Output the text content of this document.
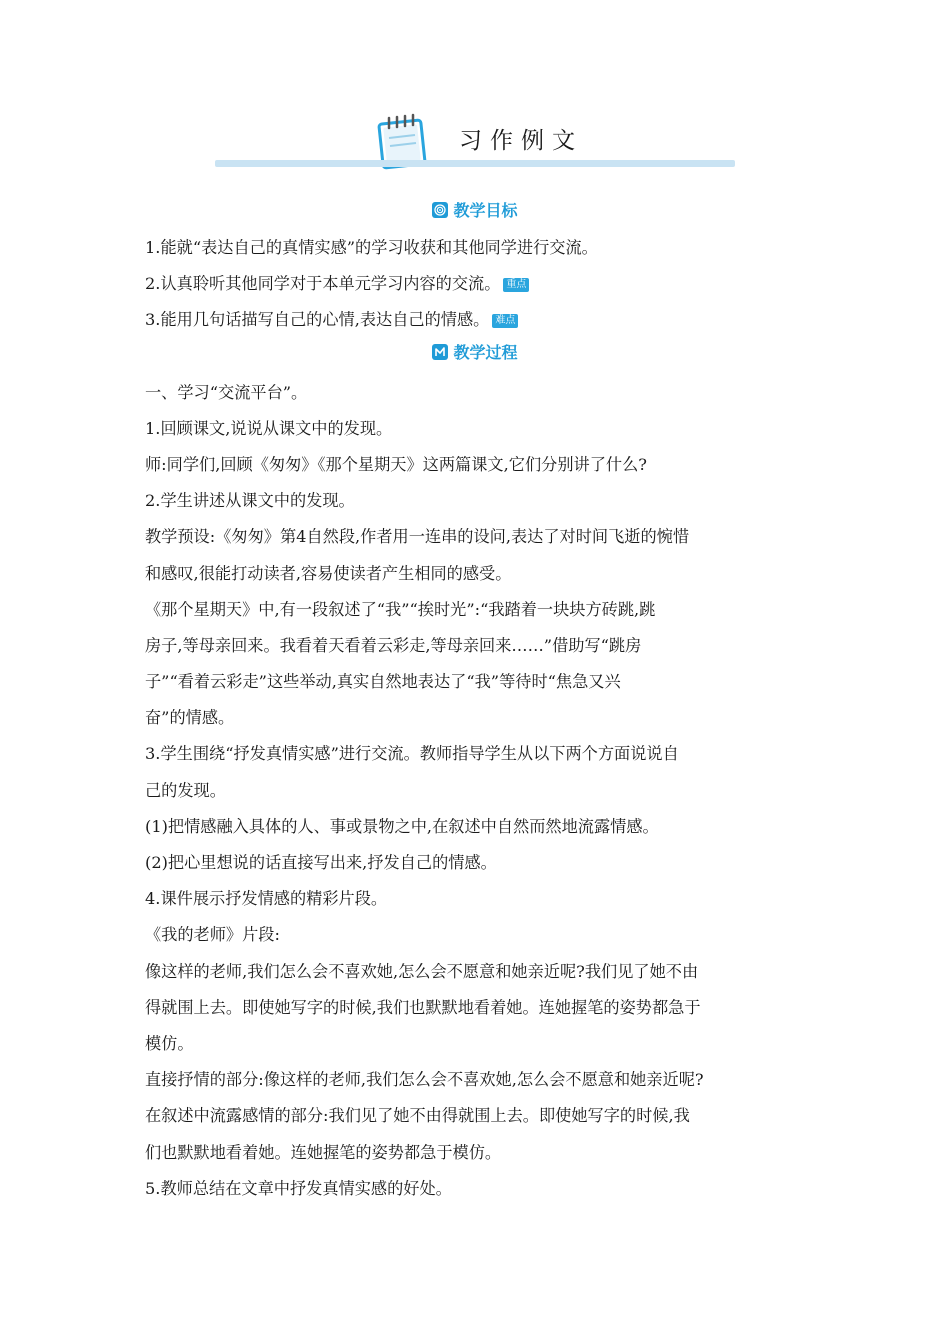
习作例文
教学目标
教学过程
1.能就“表达自己的真情实感”的学习收获和其他同学进行交流。
2.认真聆听其他同学对于本单元学习内容的交流。 重点
3.能用几句话描写自己的心情,表达自己的情感。 难点
一、学习“交流平台”。
1.回顾课文,说说从课文中的发现。
师:同学们,回顾《匆匆》《那个星期天》这两篇课文,它们分别讲了什么?
2.学生讲述从课文中的发现。
教学预设:《匆匆》第4自然段,作者用一连串的设问,表达了对时间飞逝的惋惜
和感叹,很能打动读者,容易使读者产生相同的感受。
《那个星期天》中,有一段叙述了“我”“挨时光”:“我踏着一块块方砖跳,跳
房子,等母亲回来。我看着天看着云彩走,等母亲回来……”借助写“跳房
子”“看着云彩走”这些举动,真实自然地表达了“我”等待时“焦急又兴
奋”的情感。
3.学生围绕“抒发真情实感”进行交流。教师指导学生从以下两个方面说说自
己的发现。
(1)把情感融入具体的人、事或景物之中,在叙述中自然而然地流露情感。
(2)把心里想说的话直接写出来,抒发自己的情感。
4.课件展示抒发情感的精彩片段。
《我的老师》片段:
像这样的老师,我们怎么会不喜欢她,怎么会不愿意和她亲近呢?我们见了她不由
得就围上去。即使她写字的时候,我们也默默地看着她。连她握笔的姿势都急于
模仿。
直接抒情的部分:像这样的老师,我们怎么会不喜欢她,怎么会不愿意和她亲近呢?
在叙述中流露感情的部分:我们见了她不由得就围上去。即使她写字的时候,我
们也默默地看着她。连她握笔的姿势都急于模仿。
5.教师总结在文章中抒发真情实感的好处。
